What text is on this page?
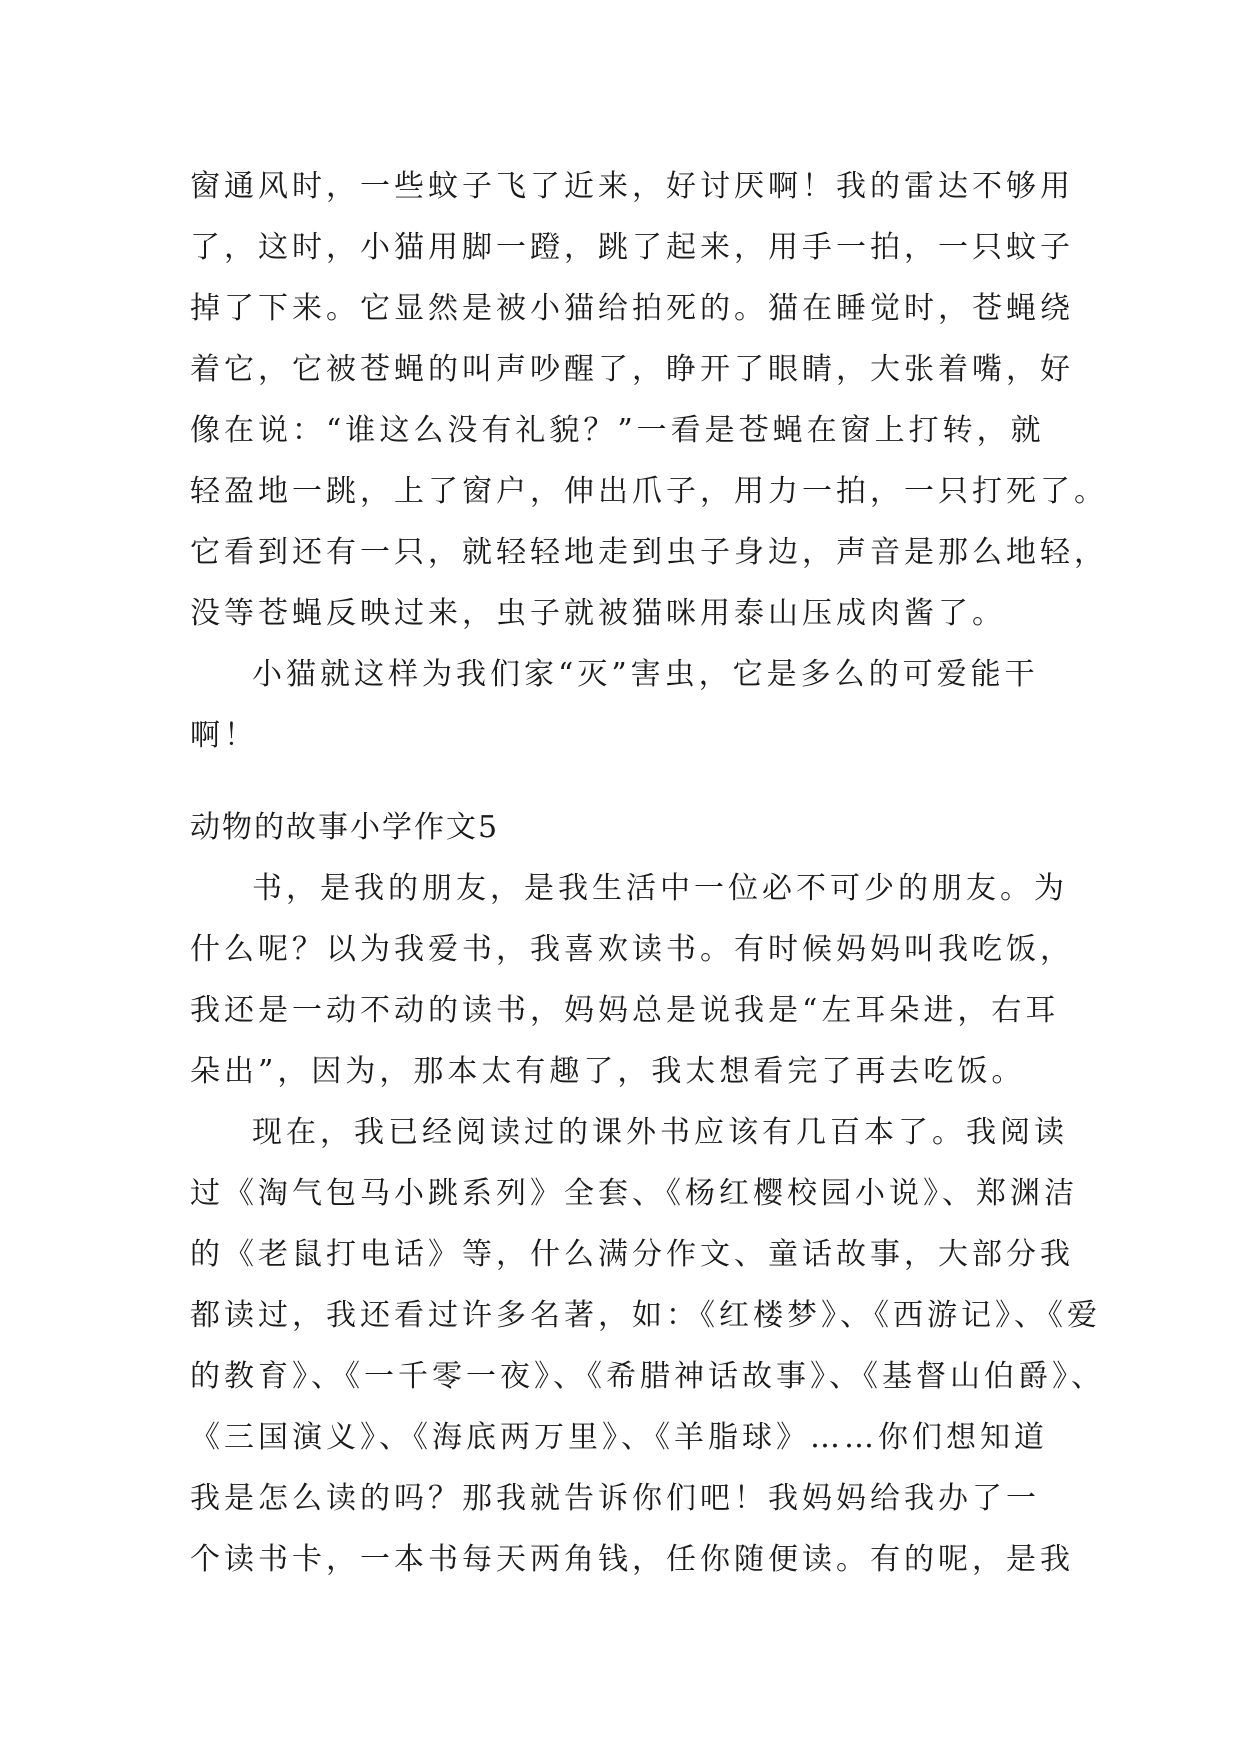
窗通风时，一些蚊子飞了近来，好讨厌啊！我的雷达不够用
了，这时，小猫用脚一蹬，跳了起来，用手一拍，一只蚊子
掉了下来。它显然是被小猫给拍死的。猫在睡觉时，苍蝇绕
着它，它被苍蝇的叫声吵醒了，睁开了眼睛，大张着嘴，好
像在说：“谁这么没有礼貌？”一看是苍蝇在窗上打转，就
轻盈地一跳，上了窗户，伸出爪子，用力一拍，一只打死了。
它看到还有一只，就轻轻地走到虫子身边，声音是那么地轻，
没等苍蝇反映过来，虫子就被猫咪用泰山压成肉酱了。
小猫就这样为我们家“灭”害虫，它是多么的可爱能干
啊！
动物的故事小学作文5
书，是我的朋友，是我生活中一位必不可少的朋友。为
什么呢？以为我爱书，我喜欢读书。有时候妈妈叫我吃饭，
我还是一动不动的读书，妈妈总是说我是“左耳朵进，右耳
朵出”，因为，那本太有趣了，我太想看完了再去吃饭。
现在，我已经阅读过的课外书应该有几百本了。我阅读
过《淘气包马小跳系列》全套、《杨红樱校园小说》、郑渊洁
的《老鼠打电话》等，什么满分作文、童话故事，大部分我
都读过，我还看过许多名著，如：《红楼梦》、《西游记》、《爱
的教育》、《一千零一夜》、《希腊神话故事》、《基督山伯爵》、
《三国演义》、《海底两万里》、《羊脂球》……你们想知道
我是怎么读的吗？那我就告诉你们吧！我妈妈给我办了一
个读书卡，一本书每天两角钱，任你随便读。有的呢，是我
